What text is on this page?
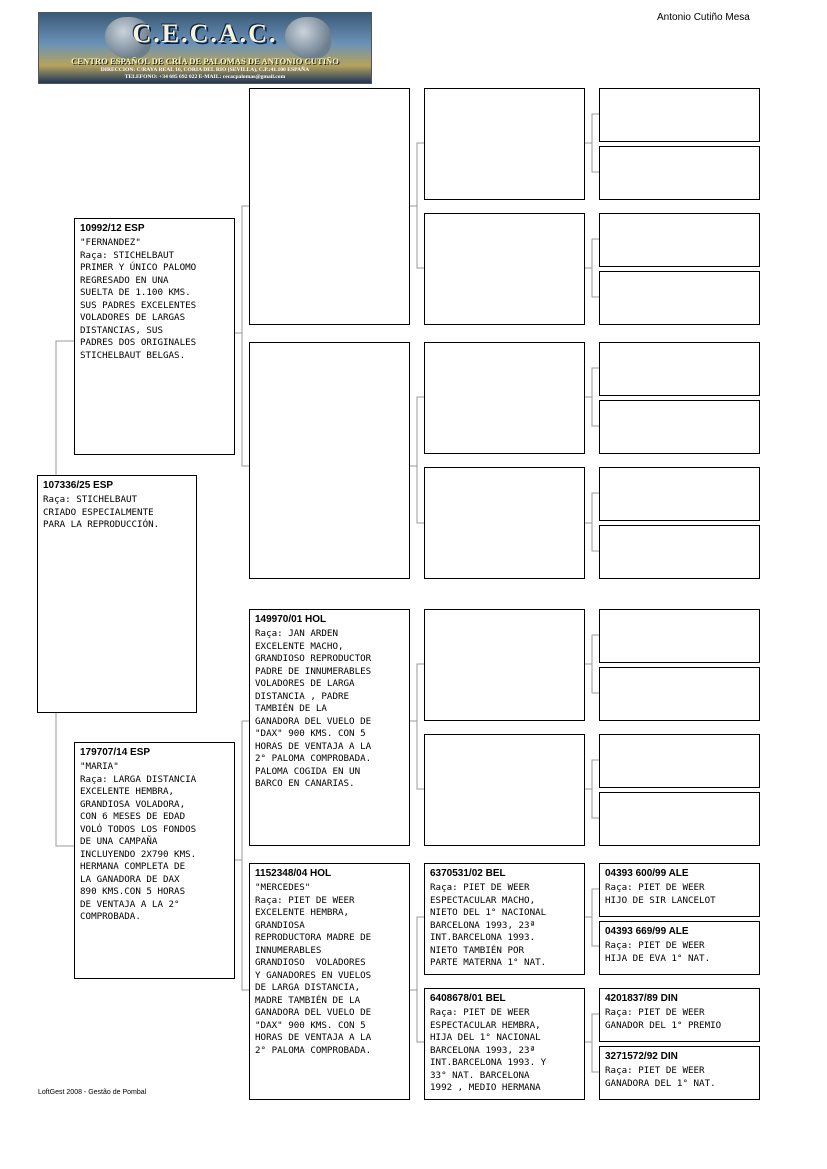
C.E.C.A.C.
CENTRO ESPAÑOL DE CRÍA DE PALOMAS DE ANTONIO CUTIÑO
DIRECCION: C/RAYA REAL 16, CORIA DEL RIO (SEVILLA), C.P.:41.100 ESPAÑA
TELEFONO: +34 685 692 022 E-MAIL: cecacpalomas@gmail.com
Antonio Cutiño Mesa
107336/25 ESP
Raça: STICHELBAUT
CRIADO ESPECIALMENTE
PARA LA REPRODUCCIÓN.
10992/12 ESP
"FERNANDEZ"
Raça: STICHELBAUT
PRIMER Y ÚNICO PALOMO
REGRESADO EN UNA
SUELTA DE 1.100 KMS.
SUS PADRES EXCELENTES
VOLADORES DE LARGAS
DISTANCIAS, SUS
PADRES DOS ORIGINALES
STICHELBAUT BELGAS.
179707/14 ESP
"MARIA"
Raça: LARGA DISTANCIA
EXCELENTE HEMBRA,
GRANDIOSA VOLADORA,
CON 6 MESES DE EDAD
VOLÓ TODOS LOS FONDOS
DE UNA CAMPAÑA
INCLUYENDO 2X790 KMS.
HERMANA COMPLETA DE
LA GANADORA DE DAX
890 KMS.CON 5 HORAS
DE VENTAJA A LA 2°
COMPROBADA.
149970/01 HOL
Raça: JAN ARDEN
EXCELENTE MACHO,
GRANDIOSO REPRODUCTOR
PADRE DE INNUMERABLES
VOLADORES DE LARGA
DISTANCIA , PADRE
TAMBIÉN DE LA
GANADORA DEL VUELO DE
"DAX" 900 KMS. CON 5
HORAS DE VENTAJA A LA
2° PALOMA COMPROBADA.
PALOMA COGIDA EN UN
BARCO EN CANARIAS.
1152348/04 HOL
"MERCEDES"
Raça: PIET DE WEER
EXCELENTE HEMBRA,
GRANDIOSA
REPRODUCTORA MADRE DE
INNUMERABLES
GRANDIOSO  VOLADORES
Y GANADORES EN VUELOS
DE LARGA DISTANCIA,
MADRE TAMBIÉN DE LA
GANADORA DEL VUELO DE
"DAX" 900 KMS. CON 5
HORAS DE VENTAJA A LA
2° PALOMA COMPROBADA.
6370531/02 BEL
Raça: PIET DE WEER
ESPECTACULAR MACHO,
NIETO DEL 1° NACIONAL
BARCELONA 1993, 23ª
INT.BARCELONA 1993.
NIETO TAMBIÉN POR
PARTE MATERNA 1° NAT.
6408678/01 BEL
Raça: PIET DE WEER
ESPECTACULAR HEMBRA,
HIJA DEL 1° NACIONAL
BARCELONA 1993, 23ª
INT.BARCELONA 1993. Y
33° NAT. BARCELONA
1992 , MEDIO HERMANA
04393 600/99 ALE
Raça: PIET DE WEER
HIJO DE SIR LANCELOT
04393 669/99 ALE
Raça: PIET DE WEER
HIJA DE EVA 1° NAT.
4201837/89 DIN
Raça: PIET DE WEER
GANADOR DEL 1° PREMIO
3271572/92 DIN
Raça: PIET DE WEER
GANADORA DEL 1° NAT.
LoftGest 2008 - Gestão de Pombal
